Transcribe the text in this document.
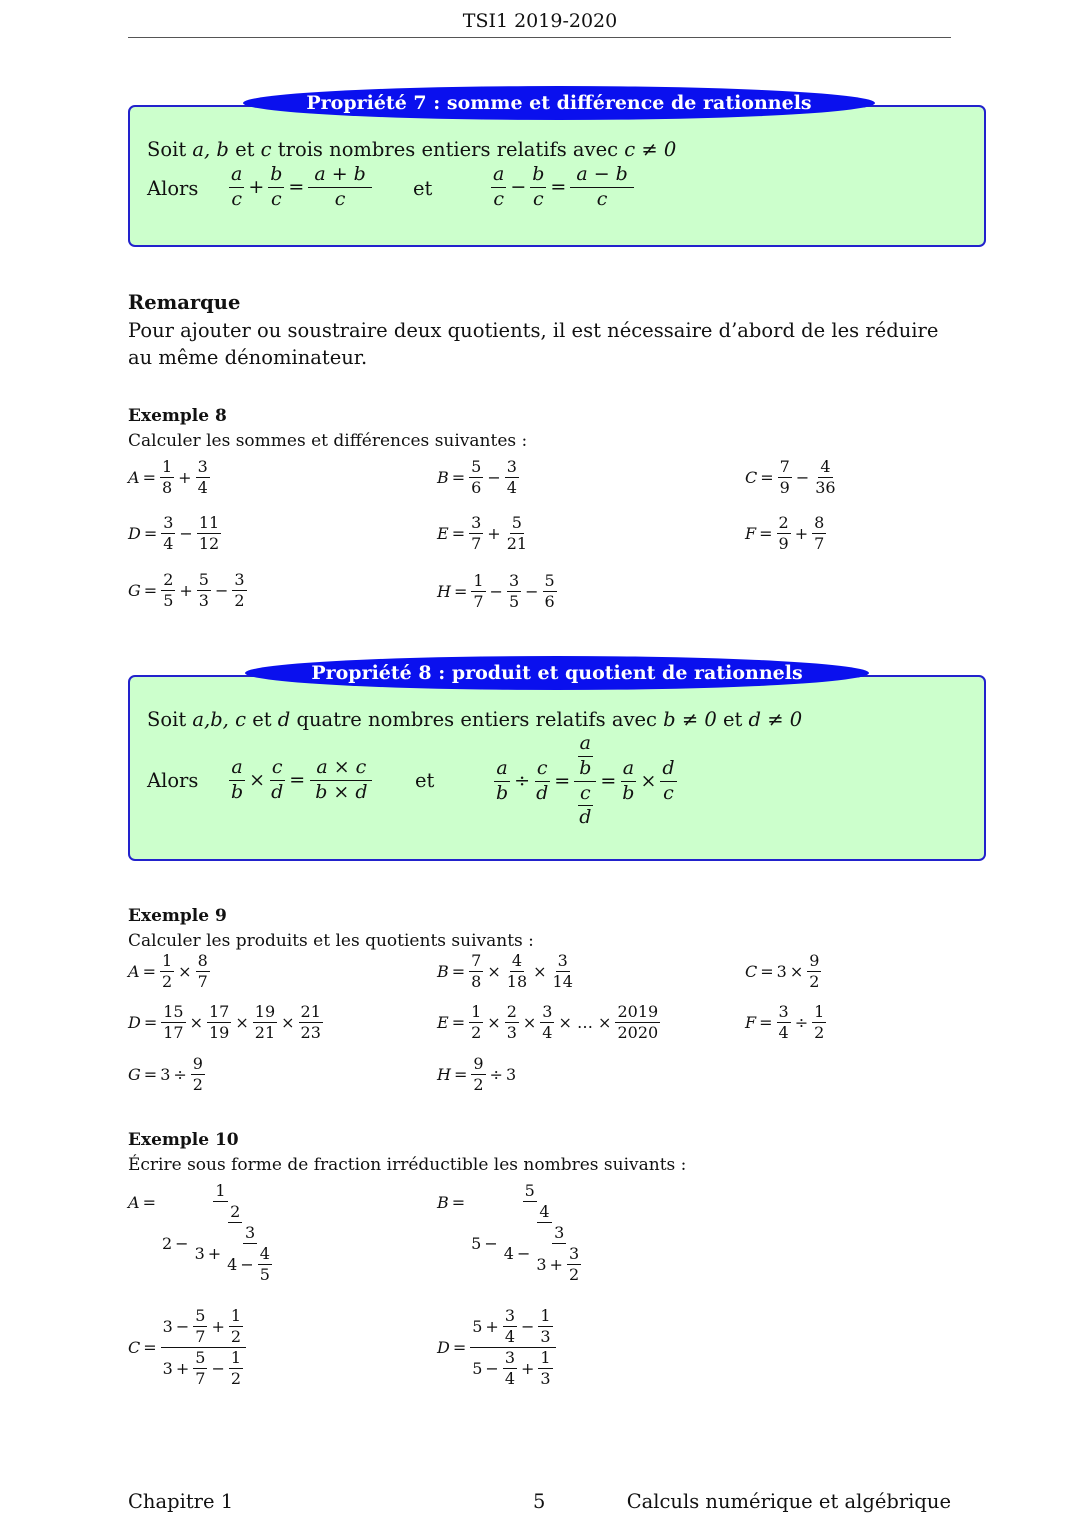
TSI1 2019-2020
Propriété 7 : somme et différence de rationnels
Soit a, b et c trois nombres entiers relatifs avec c ≠ 0
Alors
a
c
+ $\frac{b}{c} = \frac{a + b}{c}$ et
a
c
− $\frac{b}{c} = \frac{a - b}{c}$
Remarque
Pour ajouter ou soustraire deux quotients, il est nécessaire d’abord de les réduire au même dénominateur.
Exemple 8
Calculer les sommes et différences suivantes :
$A = \frac{1}{8} + \frac{3}{4}$	$B = \frac{5}{6} - \frac{3}{4}$	$C = \frac{7}{9} - \frac{4}{36}$
$D = \frac{3}{4} - \frac{11}{12}$	$E = \frac{3}{7} + \frac{5}{21}$	$F = \frac{2}{9} + \frac{8}{7}$
$G = \frac{2}{5} + \frac{5}{3} - \frac{3}{2}$	$H = \frac{1}{7} - \frac{3}{5} - \frac{5}{6}$
Propriété 8 : produit et quotient de rationnels
Soit a,b, c et d quatre nombres entiers relatifs avec b ≠ 0 et d ≠ 0
Alors $\frac{a}{b} \times \frac{c}{d} = \frac{a \times c}{b \times d}$ et	$\frac{a}{b} \div \frac{c}{d} = a$
b
c
$d = \frac{a}{b} \times \frac{d}{c}$
Exemple 9
Calculer les produits et les quotients suivants :
$A = \frac{1}{2} \times \frac{8}{7}$	$B = \frac{7}{8} \times \frac{4}{18} \times \frac{3}{14}$	$C = 3 \times \frac{9}{2}$
$D = \frac{15}{17} \times \frac{17}{19} \times \frac{19}{21} \times \frac{21}{23}$	$E = \frac{1}{2} \times \frac{2}{3} \times \frac{3}{4}$ × … × $\frac{2019}{2020}$	$F = \frac{3}{4} \div \frac{1}{2}$
$G = 3 \div \frac{9}{2}$	$H = \frac{9}{2} \div 3$
Exemple 10
Écrire sous forme de fraction irréductible les nombres suivants :
$A = \frac{1}{2 - \frac{2}{3 + \frac{3}{4 - \frac{4}{5}}}}$	$B = \frac{5}{5 - \frac{4}{4 - \frac{3}{3 + \frac{3}{2}}}}$
$C = \frac{3 - \frac{5}{7} + \frac{1}{2}}{3 + \frac{5}{7} - \frac{1}{2}}$	$D = \frac{5 + \frac{3}{4} - \frac{1}{3}}{5 - \frac{3}{4} + \frac{1}{3}}$
Chapitre 1	5	Calculs numérique et algébrique
